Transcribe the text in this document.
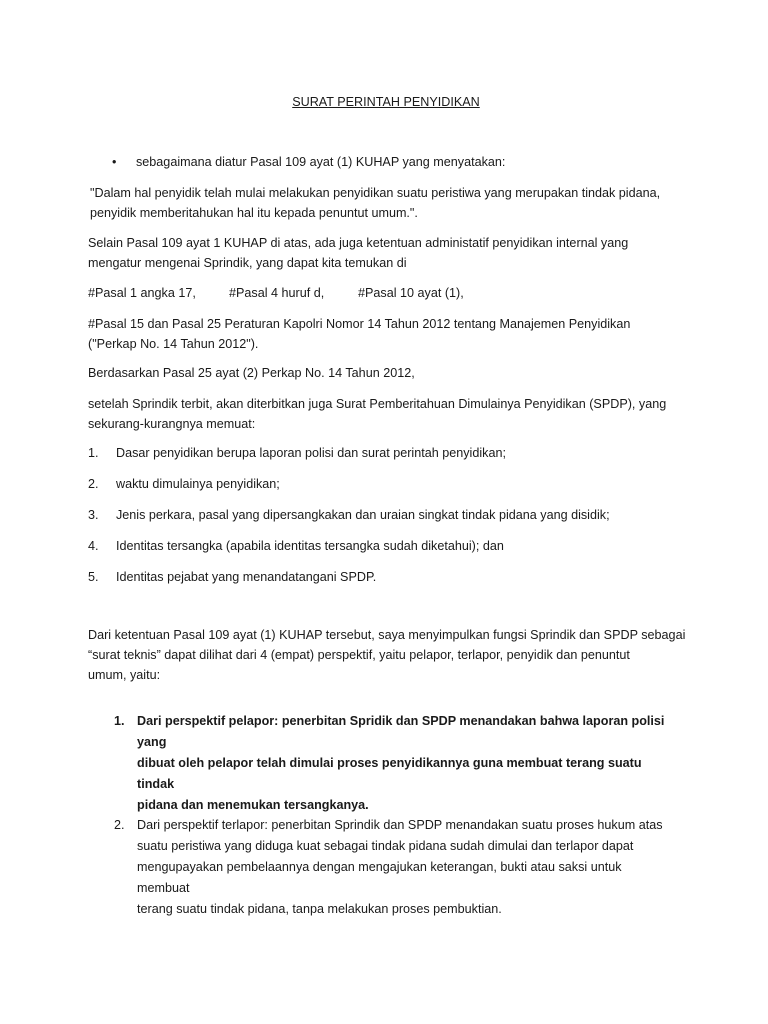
SURAT PERINTAH PENYIDIKAN
• sebagaimana diatur Pasal 109 ayat (1) KUHAP yang menyatakan:
"Dalam hal penyidik telah mulai melakukan penyidikan suatu peristiwa yang merupakan tindak pidana,
penyidik memberitahukan hal itu kepada penuntut umum.".
Selain Pasal 109 ayat 1 KUHAP di atas, ada juga ketentuan administatif penyidikan internal yang
mengatur mengenai Sprindik, yang dapat kita temukan di
#Pasal 1 angka 17,	#Pasal 4 huruf d,	#Pasal 10 ayat (1),
#Pasal 15 dan Pasal 25 Peraturan Kapolri Nomor 14 Tahun 2012 tentang Manajemen Penyidikan
("Perkap No. 14 Tahun 2012").
Berdasarkan Pasal 25 ayat (2) Perkap No. 14 Tahun 2012,
setelah Sprindik terbit, akan diterbitkan juga Surat Pemberitahuan Dimulainya Penyidikan (SPDP), yang
sekurang-kurangnya memuat:
1. Dasar penyidikan berupa laporan polisi dan surat perintah penyidikan;
2. waktu dimulainya penyidikan;
3. Jenis perkara, pasal yang dipersangkakan dan uraian singkat tindak pidana yang disidik;
4. Identitas tersangka (apabila identitas tersangka sudah diketahui); dan
5. Identitas pejabat yang menandatangani SPDP.
Dari ketentuan Pasal 109 ayat (1) KUHAP tersebut, saya menyimpulkan fungsi Sprindik dan SPDP sebagai
“surat teknis” dapat dilihat dari 4 (empat) perspektif, yaitu pelapor, terlapor, penyidik dan penuntut
umum, yaitu:
1. Dari perspektif pelapor: penerbitan Spridik dan SPDP menandakan bahwa laporan polisi yang
dibuat oleh pelapor telah dimulai proses penyidikannya guna membuat terang suatu tindak
pidana dan menemukan tersangkanya.
2. Dari perspektif terlapor: penerbitan Sprindik dan SPDP menandakan suatu proses hukum atas
suatu peristiwa yang diduga kuat sebagai tindak pidana sudah dimulai dan terlapor dapat
mengupayakan pembelaannya dengan mengajukan keterangan, bukti atau saksi untuk membuat
terang suatu tindak pidana, tanpa melakukan proses pembuktian.
